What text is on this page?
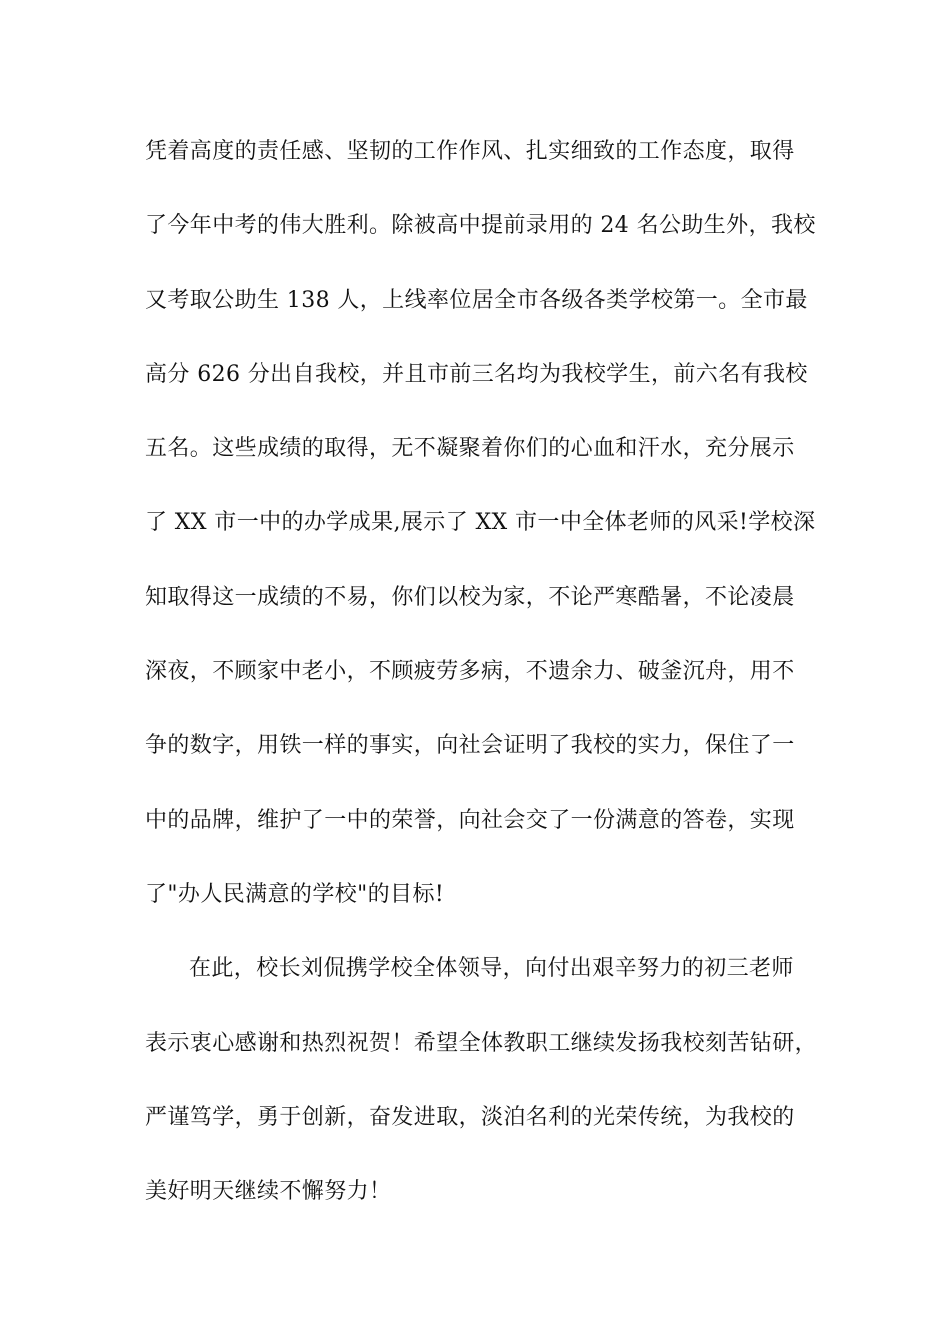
凭着高度的责任感、坚韧的工作作风、扎实细致的工作态度，取得
了今年中考的伟大胜利。除被高中提前录用的 24 名公助生外，我校
又考取公助生 138 人，上线率位居全市各级各类学校第一。全市最
高分 626 分出自我校，并且市前三名均为我校学生，前六名有我校
五名。这些成绩的取得，无不凝聚着你们的心血和汗水，充分展示
了 XX 市一中的办学成果,展示了 XX 市一中全体老师的风采!学校深
知取得这一成绩的不易，你们以校为家，不论严寒酷暑，不论凌晨
深夜，不顾家中老小，不顾疲劳多病，不遗余力、破釜沉舟，用不
争的数字，用铁一样的事实，向社会证明了我校的实力，保住了一
中的品牌，维护了一中的荣誉，向社会交了一份满意的答卷，实现
了"办人民满意的学校"的目标!
在此，校长刘侃携学校全体领导，向付出艰辛努力的初三老师
表示衷心感谢和热烈祝贺！希望全体教职工继续发扬我校刻苦钻研，
严谨笃学，勇于创新，奋发进取，淡泊名利的光荣传统，为我校的
美好明天继续不懈努力！
